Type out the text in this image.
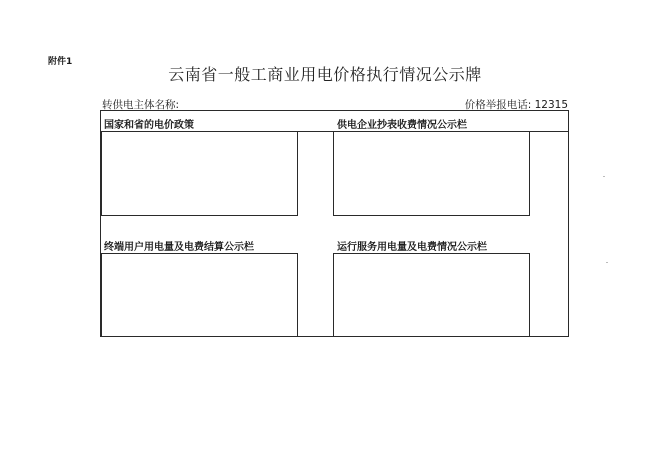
附件1
云南省一般工商业用电价格执行情况公示牌
转供电主体名称:	价格举报电话: 12315
国家和省的电价政策	供电企业抄表收费情况公示栏
终端用户用电量及电费结算公示栏	运行服务用电量及电费情况公示栏
